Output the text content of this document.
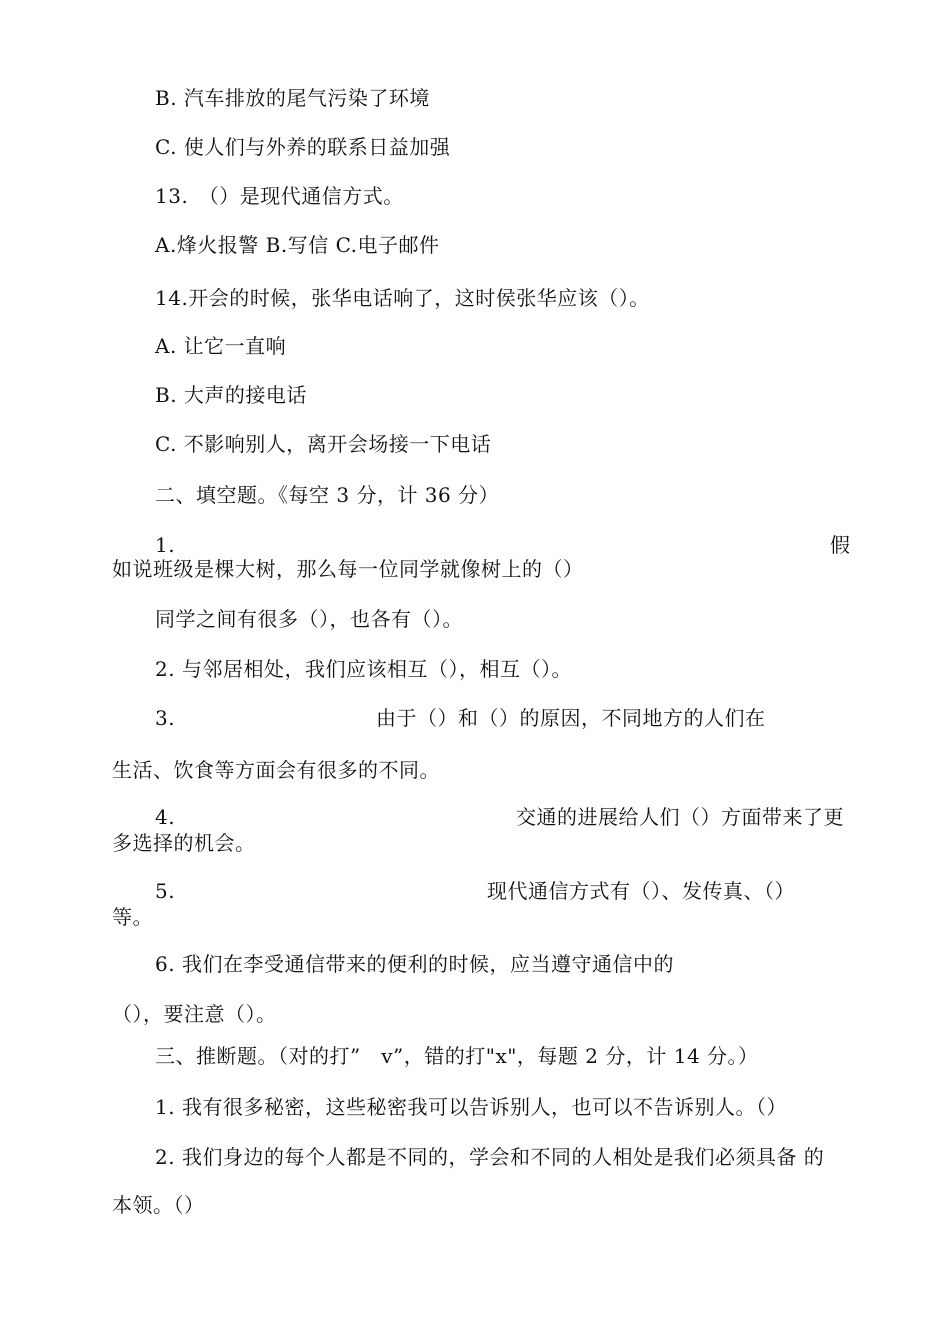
B. 汽车排放的尾气污染了环境
C. 使人们与外养的联系日益加强
13.　（）是现代通信方式。
A.烽火报警 B.写信 C.电子邮件
14.开会的时候，张华电话响了，这时侯张华应该（）。
A. 让它一直响
B. 大声的接电话
C. 不影响别人，离开会场接一下电话
二、填空题。《每空 3 分，计 36 分）
1.	假
如说班级是棵大树，那么每一位同学就像树上的（）
同学之间有很多（），也各有（）。
2. 与邻居相处，我们应该相互（），相互（）。
3.	由于（）和（）的原因，不同地方的人们在
生活、饮食等方面会有很多的不同。
4.	交通的进展给人们（）方面带来了更
多选择的机会。
5.	现代通信方式有（）、发传真、（）
等。
6. 我们在李受通信带来的便利的时候，应当遵守通信中的
（），要注意（）。
三、推断题。（对的打”　v”，错的打"x"，每题 2 分，计 14 分。）
1. 我有很多秘密，这些秘密我可以告诉别人，也可以不告诉别人。（）
2. 我们身边的每个人都是不同的，学会和不同的人相处是我们必须具备 的
本领。（）
